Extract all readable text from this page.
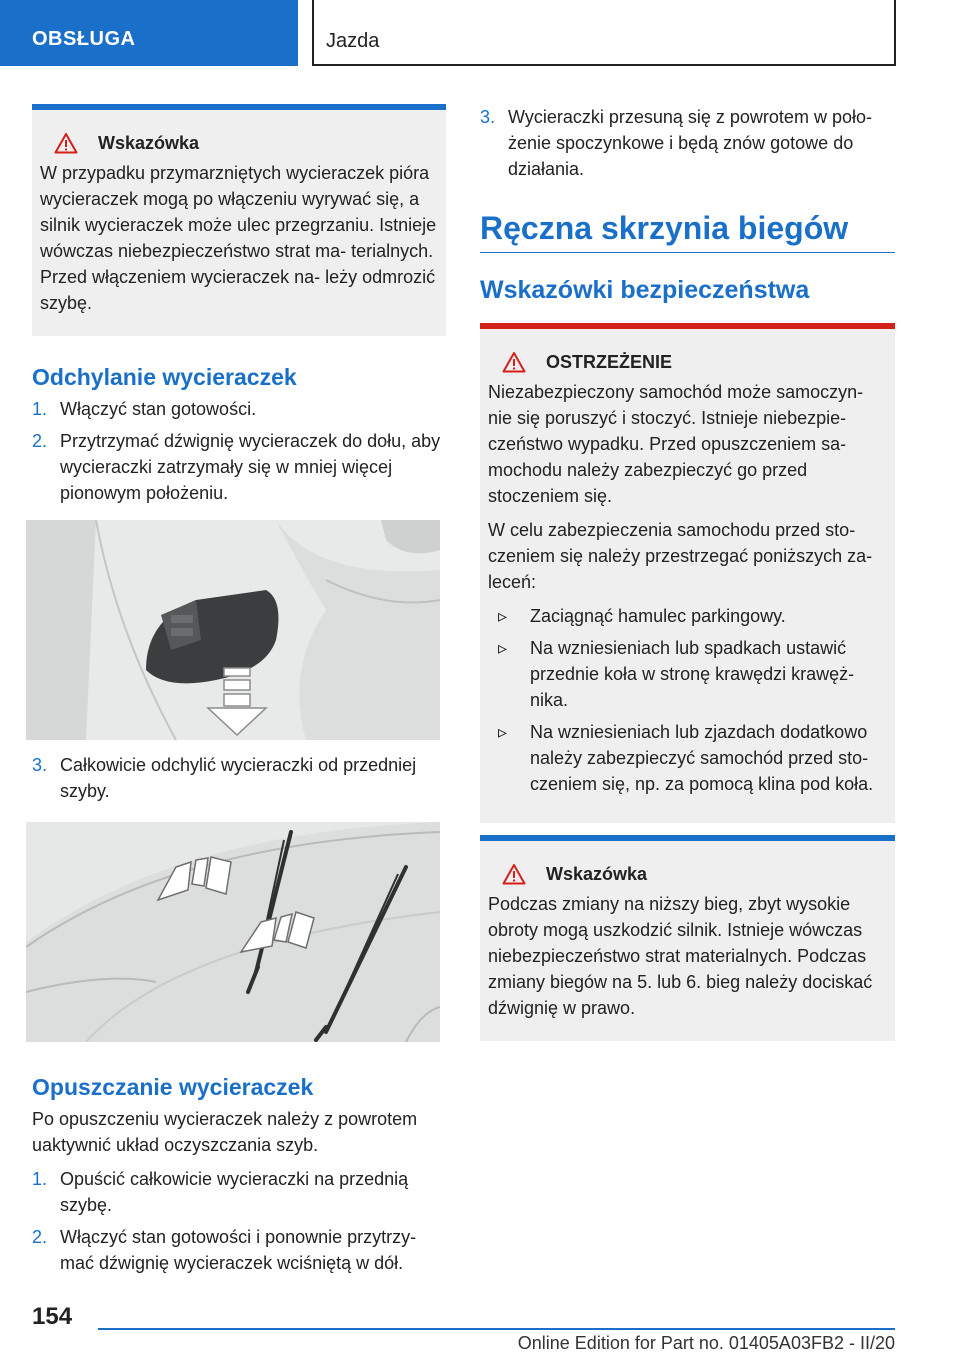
OBSŁUGA	Jazda
Wskazówka

W przypadku przymarzniętych wycieraczek pióra wycieraczek mogą po włączeniu wyrywać się, a silnik wycieraczek może ulec przegrzaniu. Istnieje wówczas niebezpieczeństwo strat ma- terialnych. Przed włączeniem wycieraczek na- leży odmrozić szybę.

Odchylanie wycieraczek
1. Włączyć stan gotowości.
2. Przytrzymać dźwignię wycieraczek do dołu, aby wycieraczki zatrzymały się w mniej więcej pionowym położeniu.
3. Całkowicie odchylić wycieraczki od przedniej szyby.
Opuszczanie wycieraczek

Po opuszczeniu wycieraczek należy z powrotem uaktywnić układ oczyszczania szyb.

1. Opuścić całkowicie wycieraczki na przednią szybę.
2. Włączyć stan gotowości i ponownie przytrzy- mać dźwignię wycieraczek wciśniętą w dół.
3. Wycieraczki przesuną się z powrotem w poło- żenie spoczynkowe i będą znów gotowe do działania.
Ręczna skrzynia biegów
Wskazówki bezpieczeństwa
OSTRZEŻENIE

Niezabezpieczony samochód może samoczyn- nie się poruszyć i stoczyć. Istnieje niebezpie- czeństwo wypadku. Przed opuszczeniem sa- mochodu należy zabezpieczyć go przed stoczeniem się.

W celu zabezpieczenia samochodu przed sto- czeniem się należy przestrzegać poniższych za- leceń:

▹	Zaciągnąć hamulec parkingowy.
▹	Na wzniesieniach lub spadkach ustawić przednie koła w stronę krawędzi krawęż- nika.
▹	Na wzniesieniach lub zjazdach dodatkowo należy zabezpieczyć samochód przed sto- czeniem się, np. za pomocą klina pod koła.
Wskazówka

Podczas zmiany na niższy bieg, zbyt wysokie obroty mogą uszkodzić silnik. Istnieje wówczas niebezpieczeństwo strat materialnych. Podczas zmiany biegów na 5. lub 6. bieg należy dociskać dźwignię w prawo.

154
Online Edition for Part no. 01405A03FB2 - II/20
